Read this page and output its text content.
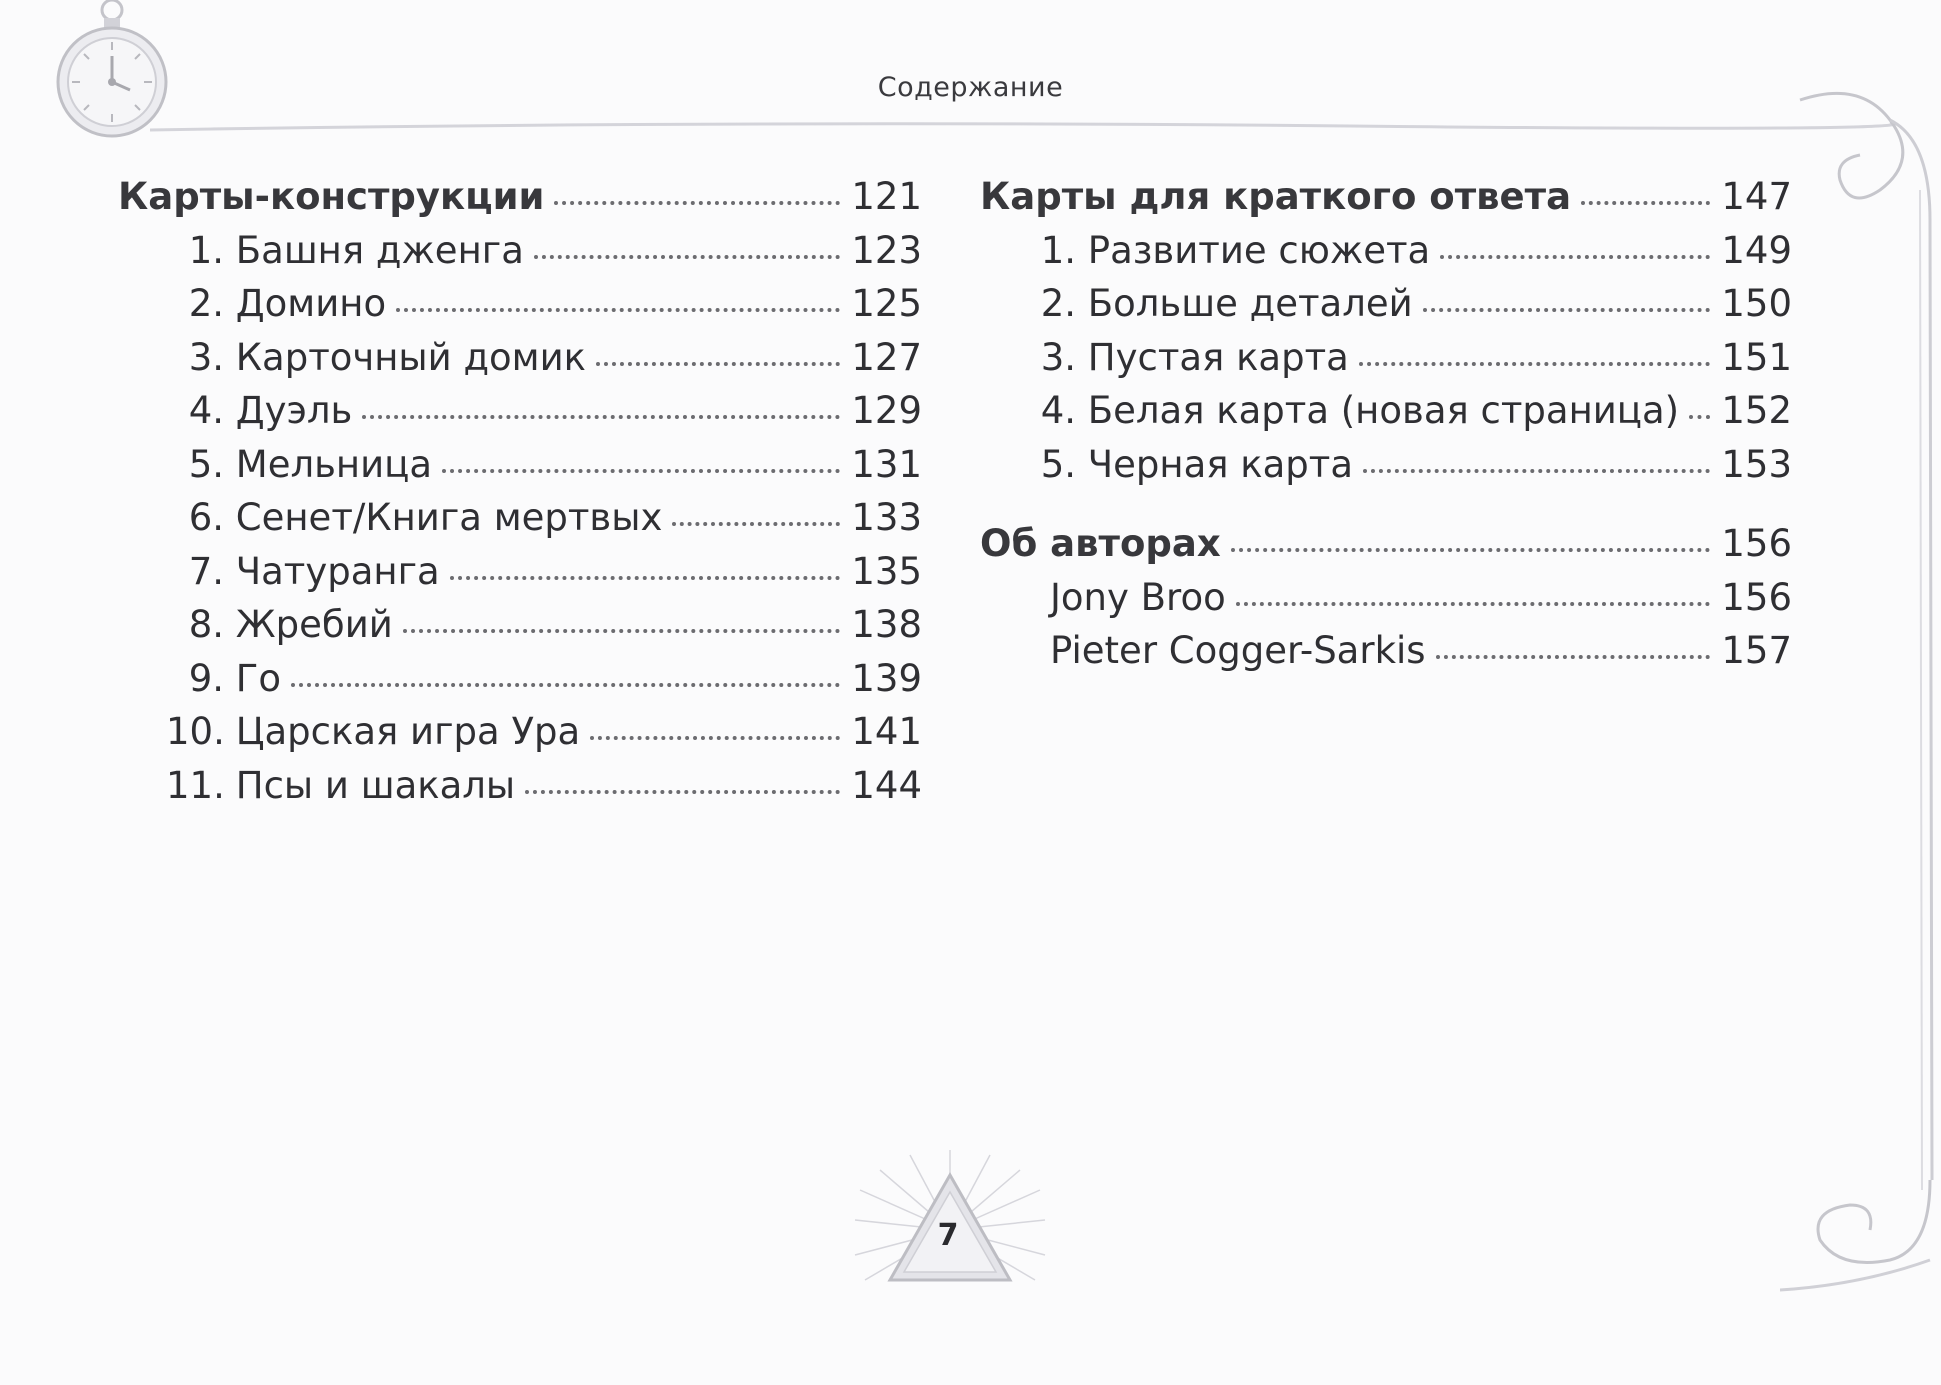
Содержание
Карты-конструкции	121
1. Башня дженга	123
2. Домино	125
3. Карточный домик	127
4. Дуэль	129
5. Мельница	131
6. Сенет/Книга мертвых	133
7. Чатуранга	135
8. Жребий	138
9. Го	139
10. Царская игра Ура	141
11. Псы и шакалы	144
Карты для краткого ответа	147
1. Развитие сюжета	149
2. Больше деталей	150
3. Пустая карта	151
4. Белая карта (новая страница) 152
5. Черная карта	153
Об авторах	156
Jony Broo	156
Pieter Cogger-Sarkis	157
7
